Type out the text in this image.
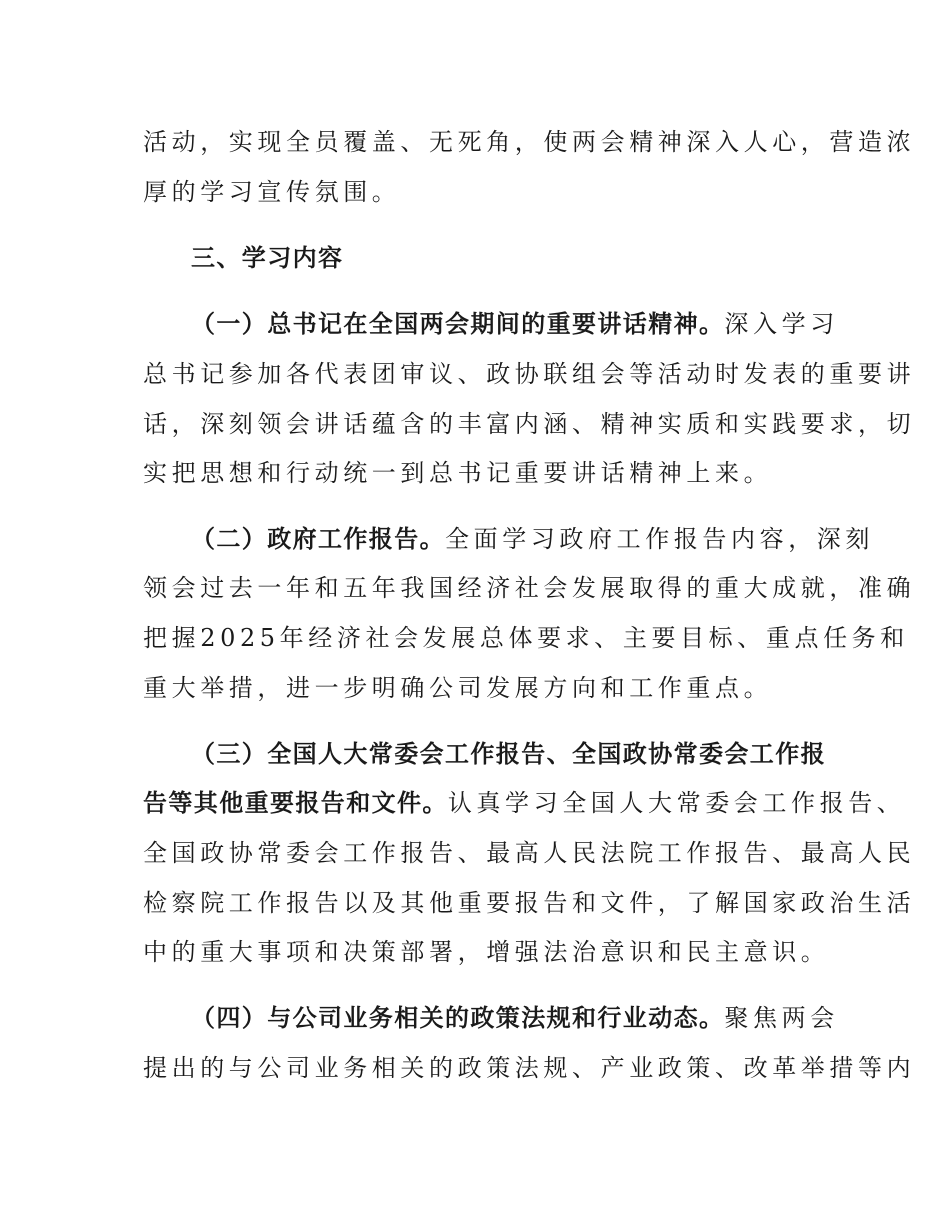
活动，实现全员覆盖、无死角，使两会精神深入人心，营造浓
厚的学习宣传氛围。
三、学习内容
（一）总书记在全国两会期间的重要讲话精神。深入学习
总书记参加各代表团审议、政协联组会等活动时发表的重要讲
话，深刻领会讲话蕴含的丰富内涵、精神实质和实践要求，切
实把思想和行动统一到总书记重要讲话精神上来。
（二）政府工作报告。全面学习政府工作报告内容，深刻
领会过去一年和五年我国经济社会发展取得的重大成就，准确
把握2025年经济社会发展总体要求、主要目标、重点任务和
重大举措，进一步明确公司发展方向和工作重点。
（三）全国人大常委会工作报告、全国政协常委会工作报
告等其他重要报告和文件。认真学习全国人大常委会工作报告、
全国政协常委会工作报告、最高人民法院工作报告、最高人民
检察院工作报告以及其他重要报告和文件，了解国家政治生活
中的重大事项和决策部署，增强法治意识和民主意识。
（四）与公司业务相关的政策法规和行业动态。聚焦两会
提出的与公司业务相关的政策法规、产业政策、改革举措等内
